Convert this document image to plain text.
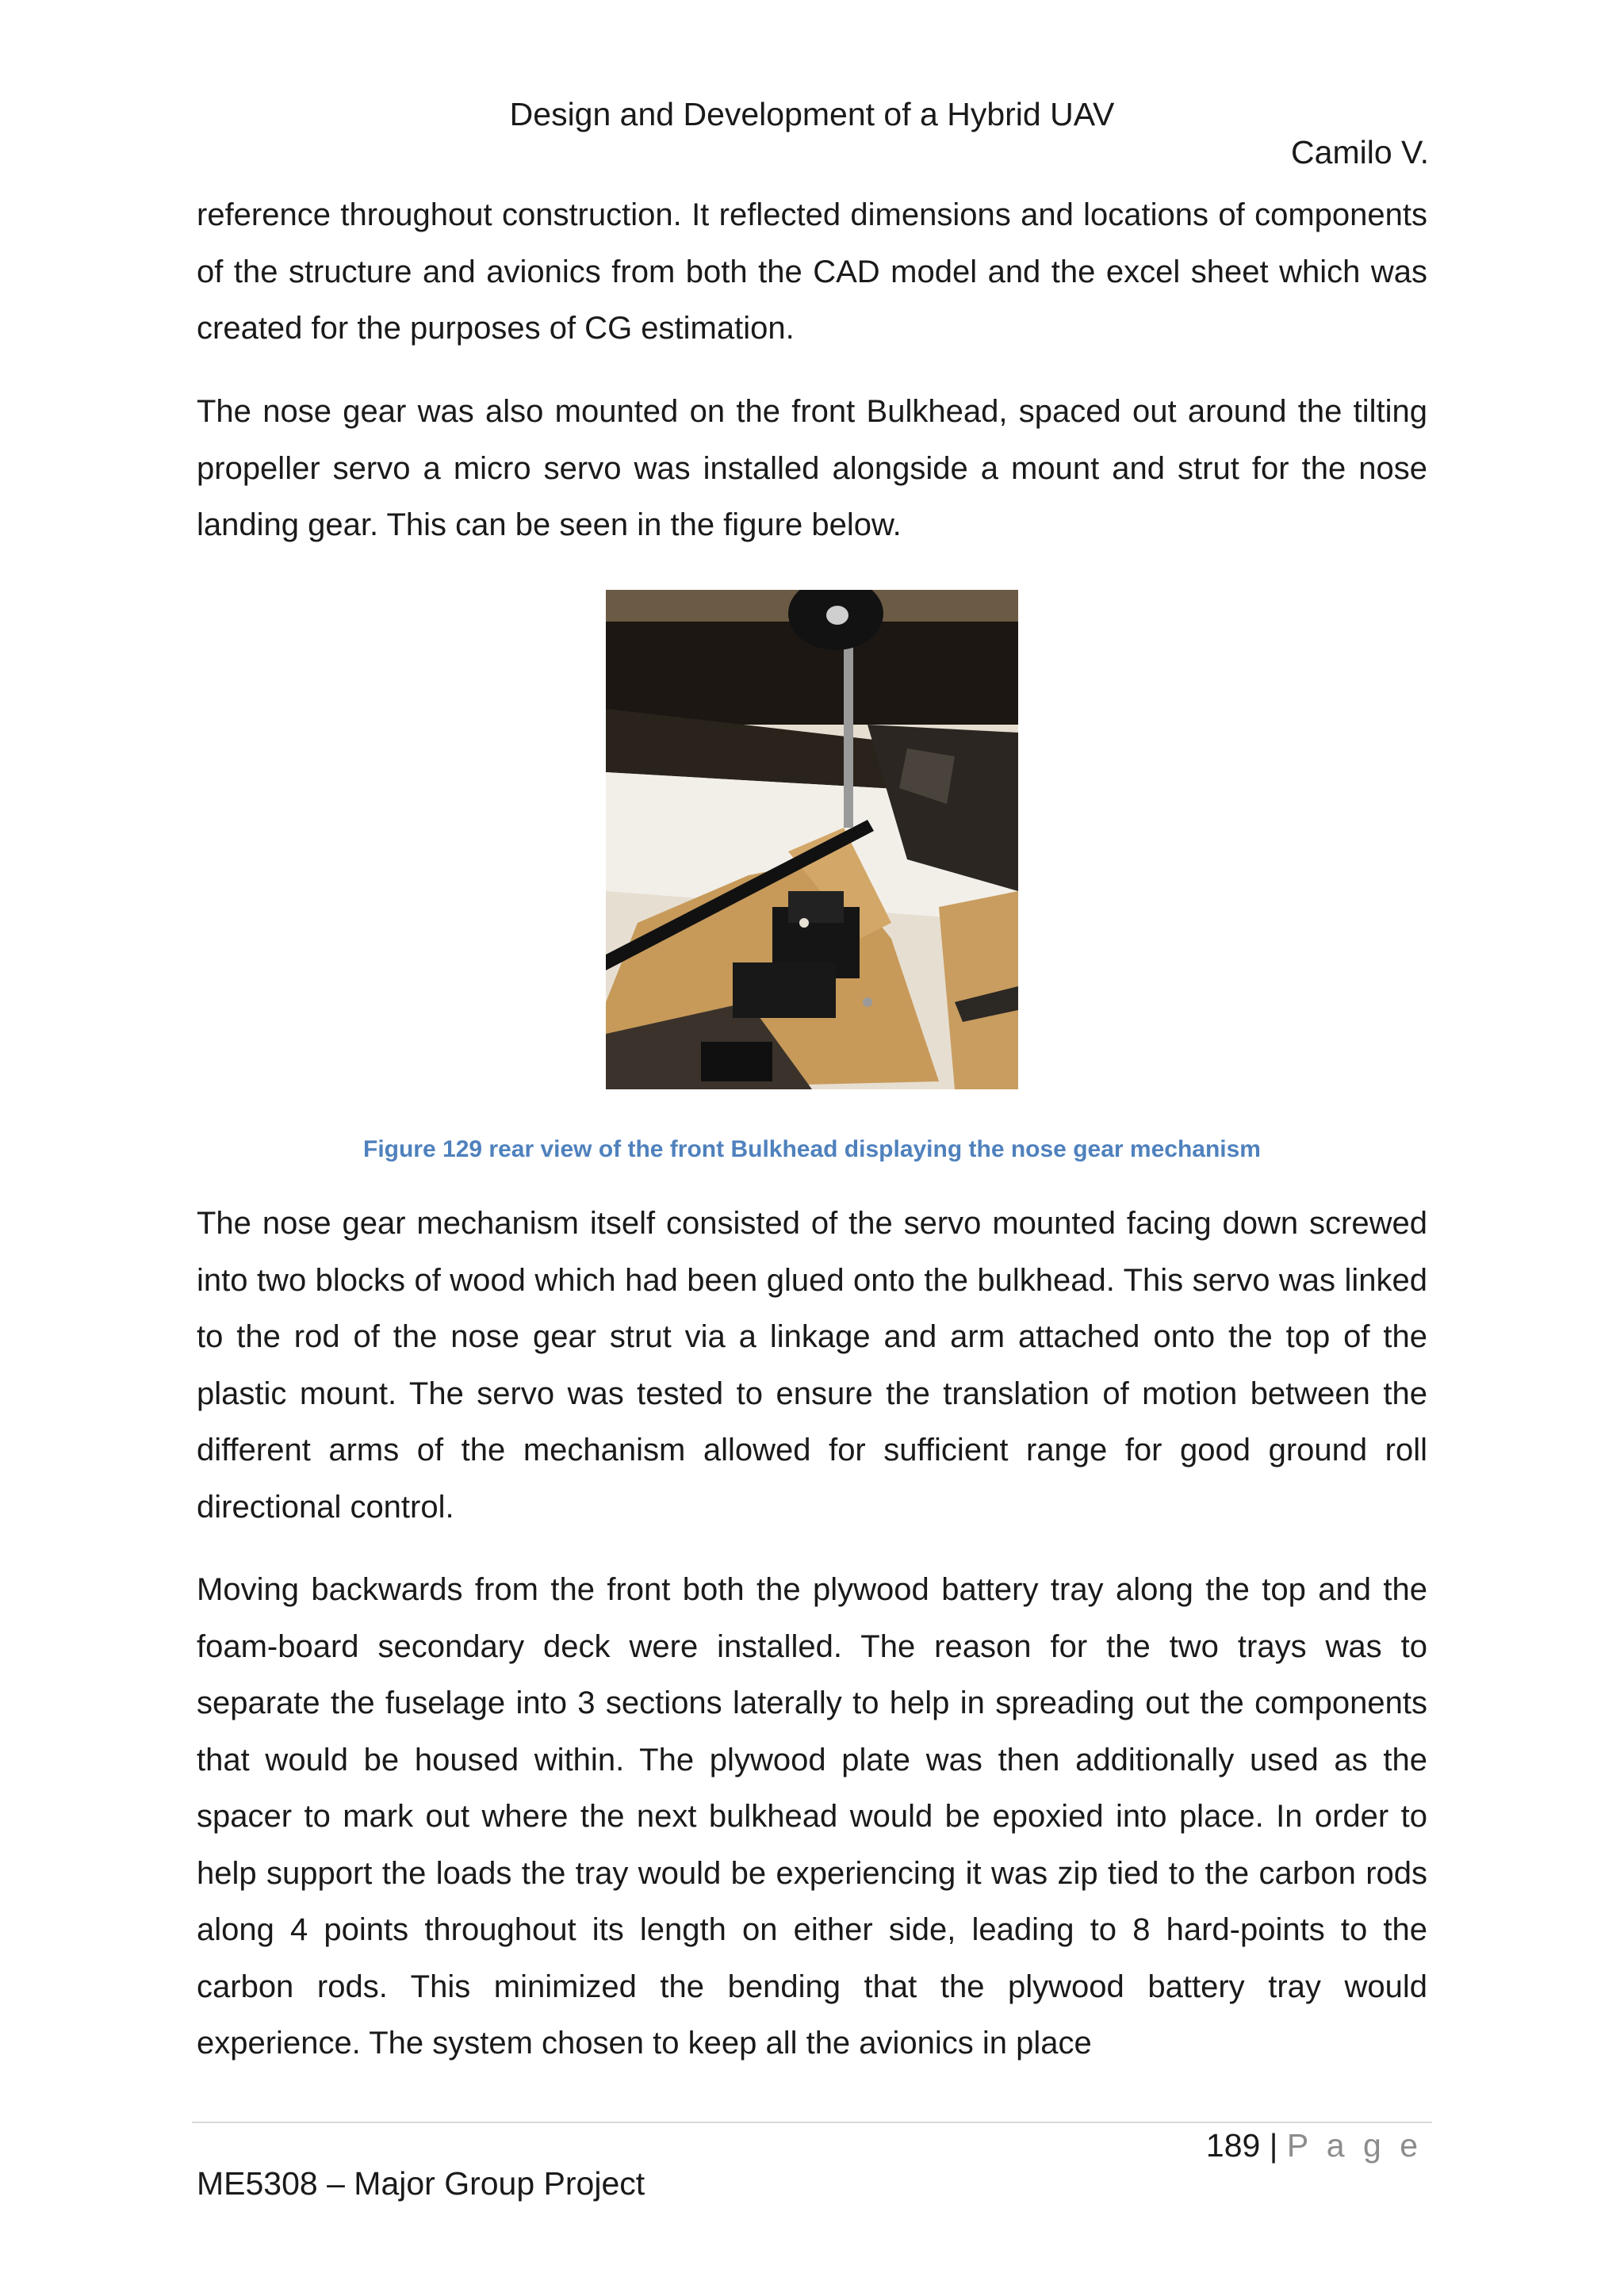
Design and Development of a Hybrid UAV
Camilo V.

reference throughout construction. It reflected dimensions and locations of components of the structure and avionics from both the CAD model and the excel sheet which was created for the purposes of CG estimation.

The nose gear was also mounted on the front Bulkhead, spaced out around the tilting propeller servo a micro servo was installed alongside a mount and strut for the nose landing gear. This can be seen in the figure below.

Figure 129 rear view of the front Bulkhead displaying the nose gear mechanism

The nose gear mechanism itself consisted of the servo mounted facing down screwed into two blocks of wood which had been glued onto the bulkhead. This servo was linked to the rod of the nose gear strut via a linkage and arm attached onto the top of the plastic mount. The servo was tested to ensure the translation of motion between the different arms of the mechanism allowed for sufficient range for good ground roll directional control.

Moving backwards from the front both the plywood battery tray along the top and the foam-board secondary deck were installed. The reason for the two trays was to separate the fuselage into 3 sections laterally to help in spreading out the components that would be housed within. The plywood plate was then additionally used as the spacer to mark out where the next bulkhead would be epoxied into place. In order to help support the loads the tray would be experiencing it was zip tied to the carbon rods along 4 points throughout its length on either side, leading to 8 hard-points to the carbon rods. This minimized the bending that the plywood battery tray would experience. The system chosen to keep all the avionics in place

189 | P a g e
ME5308 – Major Group Project
